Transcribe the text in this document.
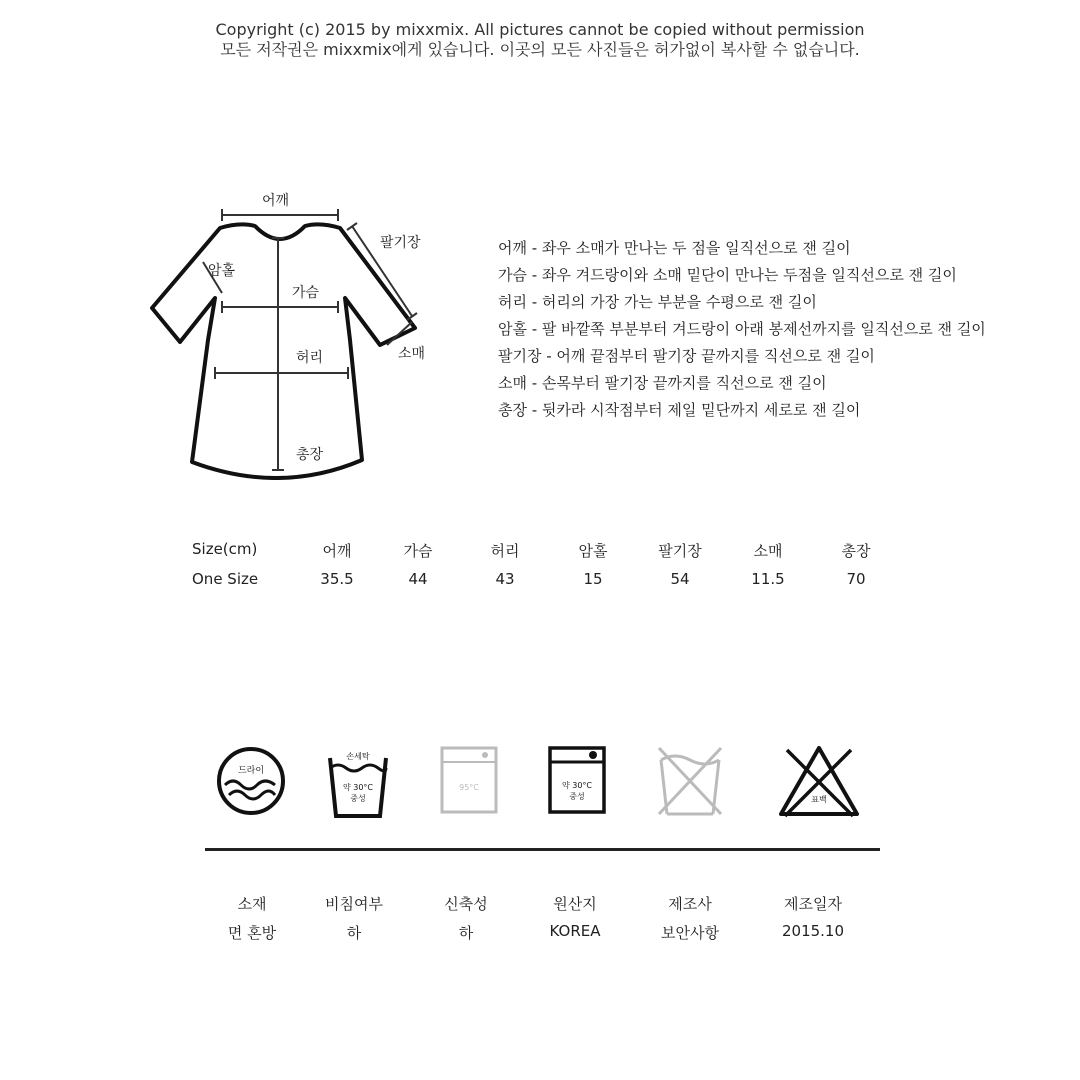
Copyright (c) 2015 by mixxmix. All pictures cannot be copied without permission
모든 저작권은 mixxmix에게 있습니다. 이곳의 모든 사진들은 허가없이 복사할 수 없습니다.
어깨
팔기장
암홀
가슴
소매
허리
총장
어깨 - 좌우 소매가 만나는 두 점을 일직선으로 잰 길이
가슴 - 좌우 겨드랑이와 소매 밑단이 만나는 두점을 일직선으로 잰 길이
허리 - 허리의 가장 가는 부분을 수평으로 잰 길이
암홀 - 팔 바깥쪽 부분부터 겨드랑이 아래 봉제선까지를 일직선으로 잰 길이
팔기장 - 어깨 끝점부터 팔기장 끝까지를 직선으로 잰 길이
소매 - 손목부터 팔기장 끝까지를 직선으로 잰 길이
총장 - 뒷카라 시작점부터 제일 밑단까지 세로로 잰 길이
Size(cm)	어깨	가슴	허리	암홀	팔기장	소매	총장
One Size	35.5	44	43	15	54	11.5	70
드라이
손세탁
약 30°C
중성
95°C	약 30°C
중성	표백
소재	비침여부	신축성	원산지	제조사	제조일자
면 혼방	하	하	KOREA	보안사항	2015.10
